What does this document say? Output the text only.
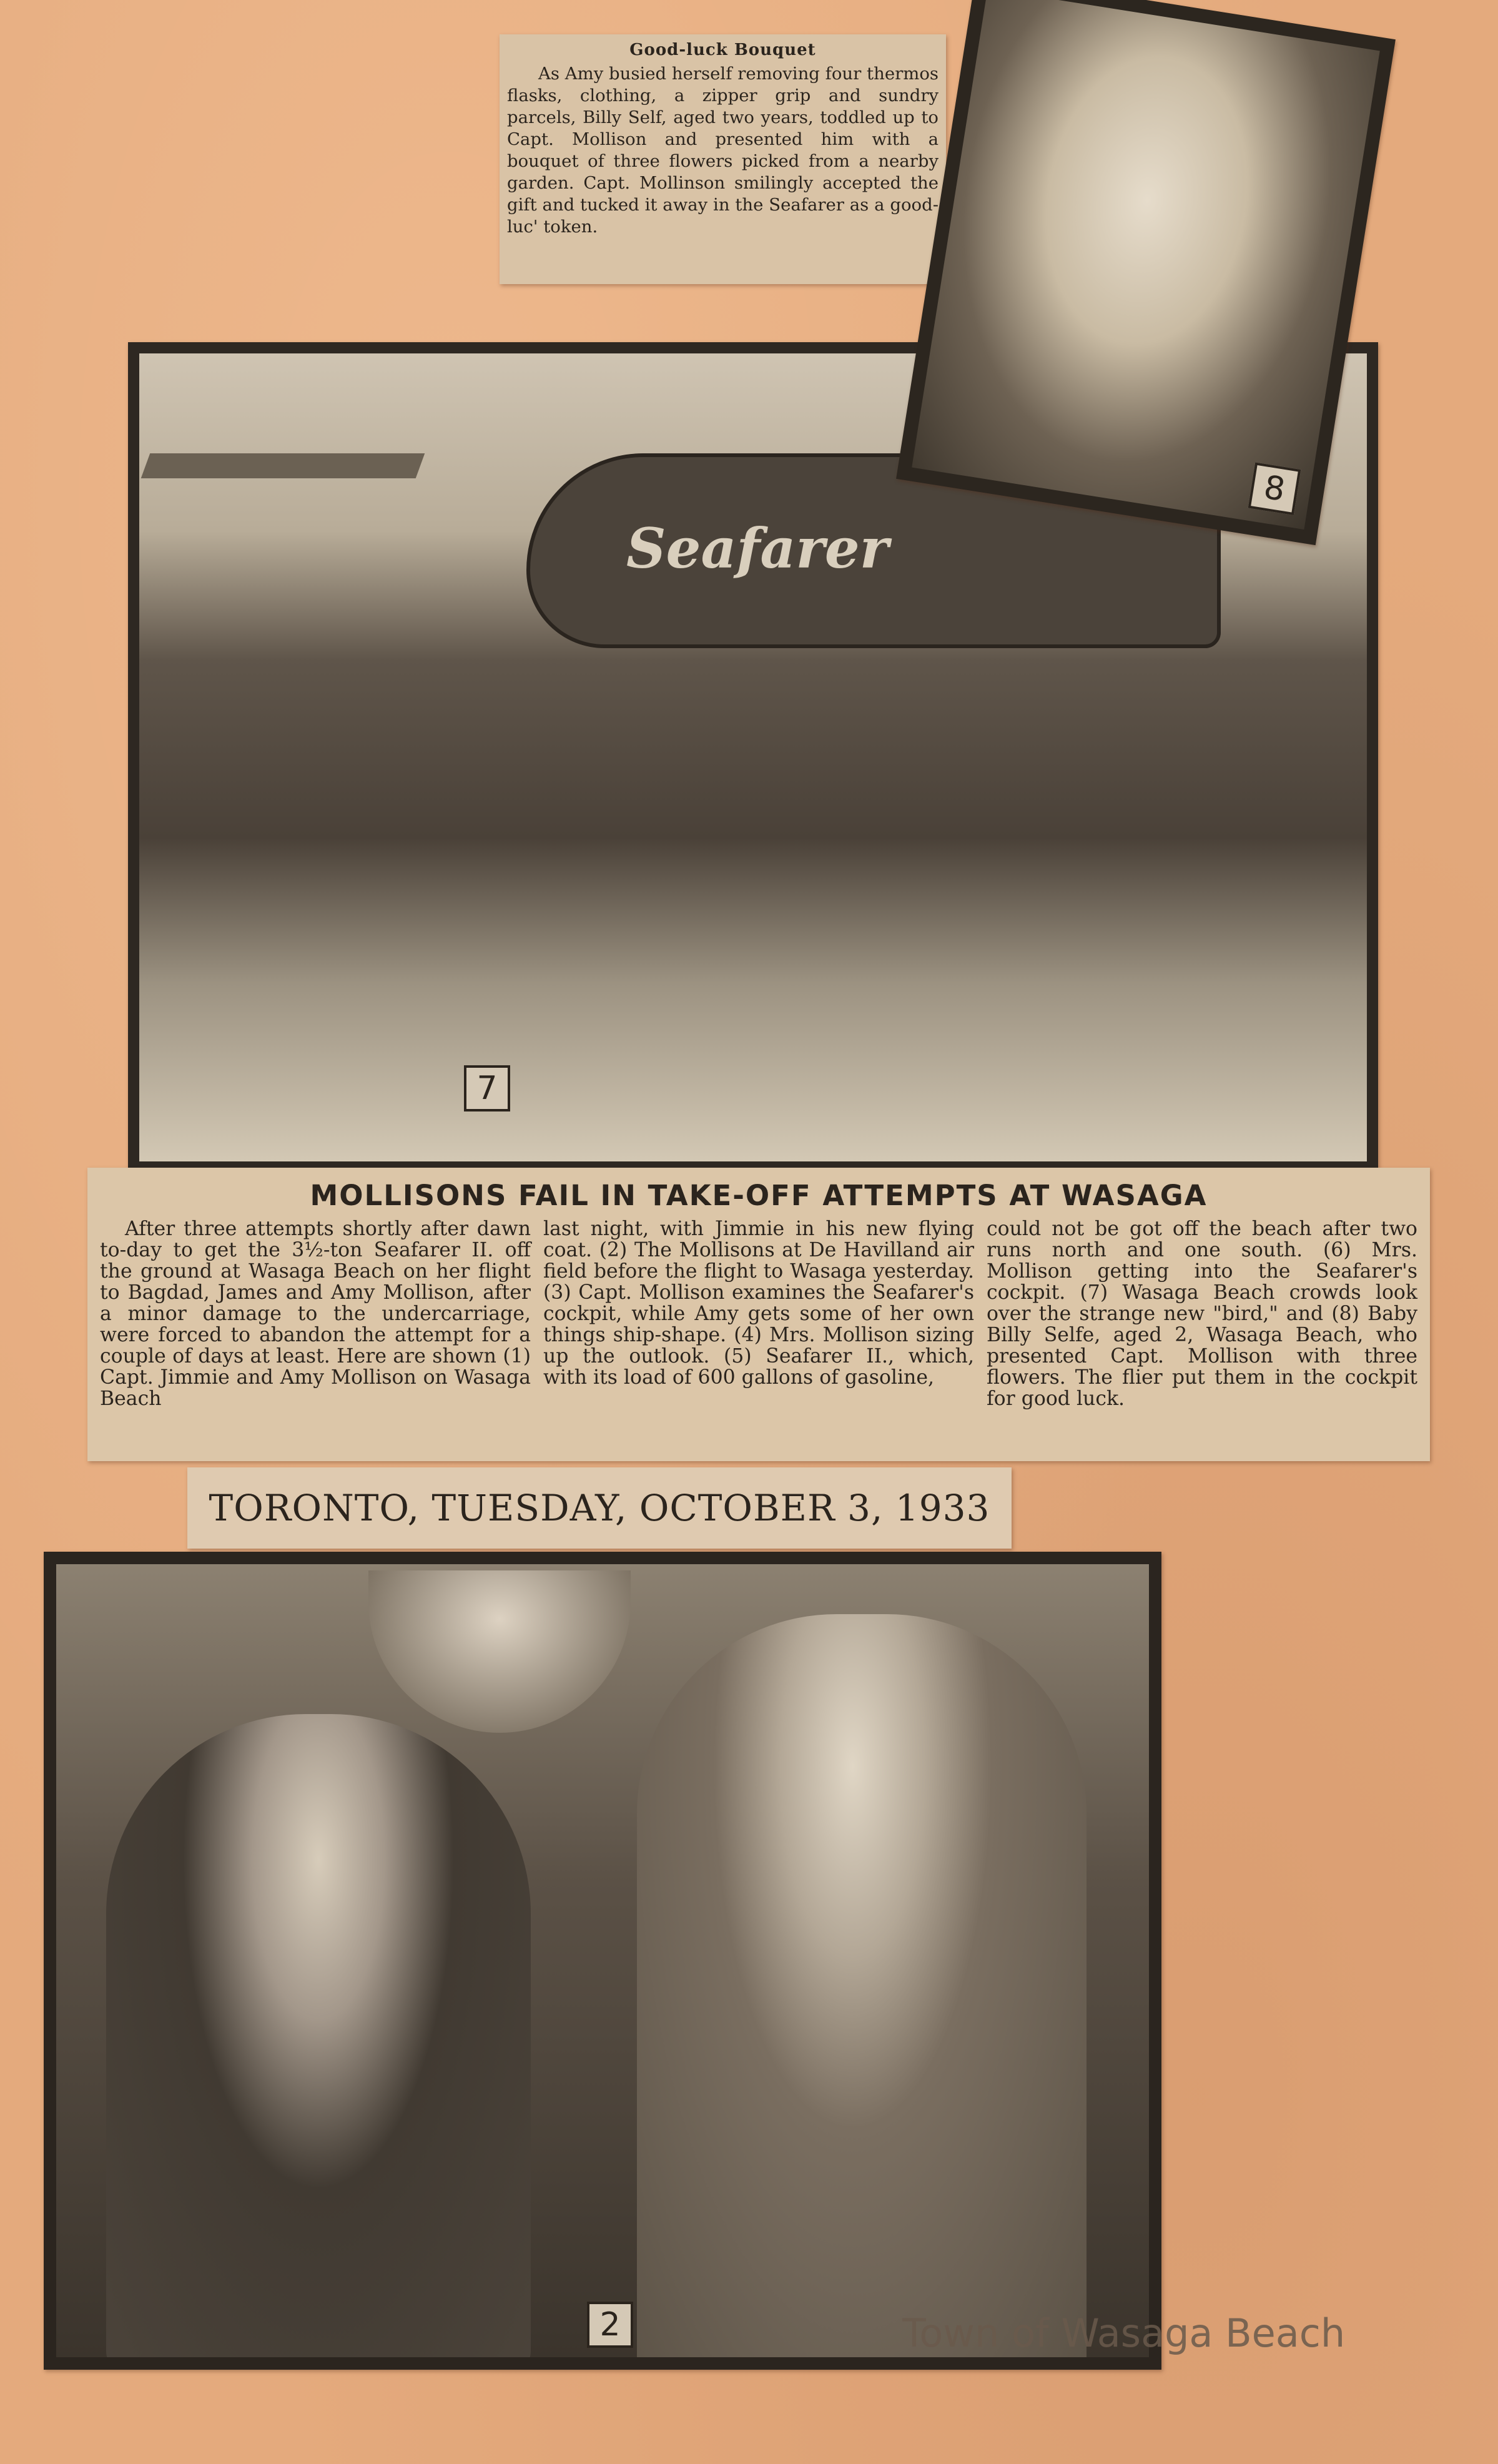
Good-luck Bouquet

As Amy busied herself removing four thermos flasks, clothing, a zipper grip and sundry parcels, Billy Self, aged two years, toddled up to Capt. Mollison and presented him with a bouquet of three flowers picked from a nearby garden. Capt. Mollinson smilingly accepted the gift and tucked it away in the Seafarer as a good-luc' token.

Seafarer
7
8
MOLLISONS FAIL IN TAKE-OFF ATTEMPTS AT WASAGA

After three attempts shortly after dawn to-day to get the 3½-ton Seafarer II. off the ground at Wasaga Beach on her flight to Bagdad, James and Amy Mollison, after a minor damage to the undercarriage, were forced to abandon the attempt for a couple of days at least. Here are shown (1) Capt. Jimmie and Amy Mollison on Wasaga Beach

last night, with Jimmie in his new flying coat. (2) The Mollisons at De Havilland air field before the flight to Wasaga yesterday. (3) Capt. Mollison examines the Seafarer's cockpit, while Amy gets some of her own things ship-shape. (4) Mrs. Mollison sizing up the outlook. (5) Seafarer II., which, with its load of 600 gallons of gasoline,

could not be got off the beach after two runs north and one south. (6) Mrs. Mollison getting into the Seafarer's cockpit. (7) Wasaga Beach crowds look over the strange new "bird," and (8) Baby Billy Selfe, aged 2, Wasaga Beach, who presented Capt. Mollison with three flowers. The flier put them in the cockpit for good luck.

TORONTO, TUESDAY, OCTOBER 3, 1933
2	Town of Wasaga Beach
